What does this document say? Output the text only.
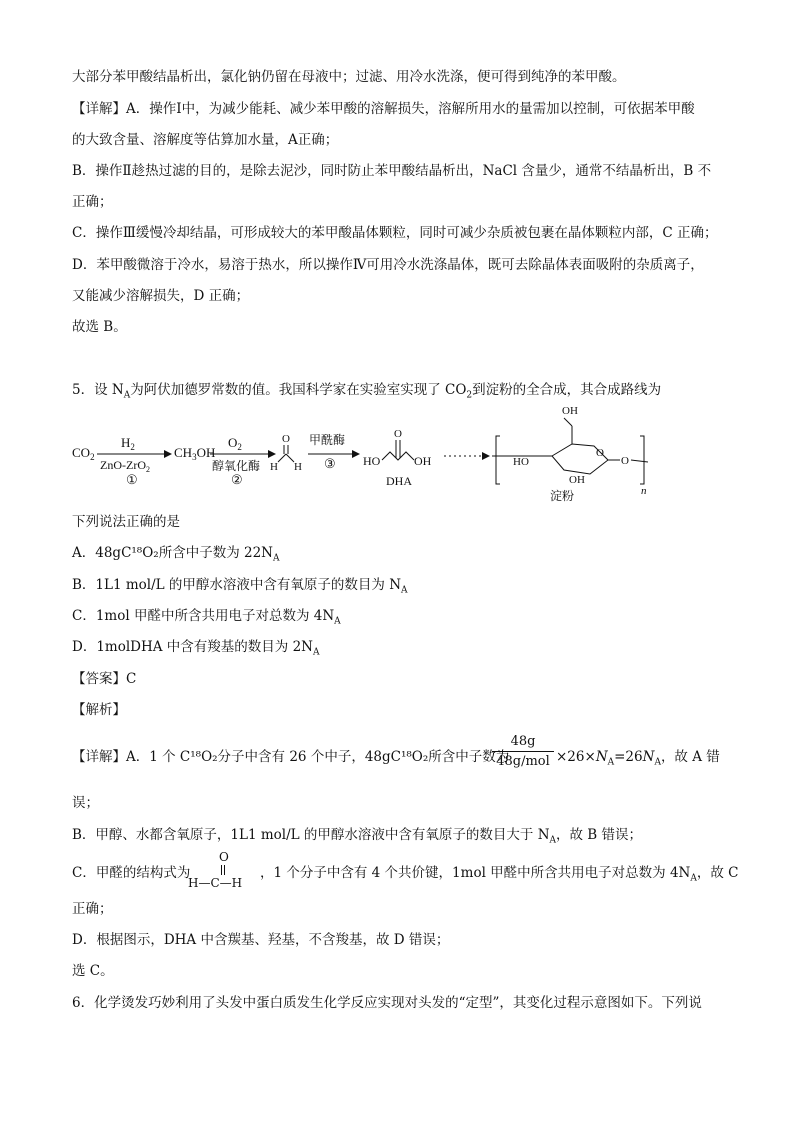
大部分苯甲酸结晶析出，氯化钠仍留在母液中；过滤、用冷水洗涤，便可得到纯净的苯甲酸。
【详解】A．操作Ⅰ中，为减少能耗、减少苯甲酸的溶解损失，溶解所用水的量需加以控制，可依据苯甲酸
的大致含量、溶解度等估算加水量，A正确；
B．操作Ⅱ趁热过滤的目的，是除去泥沙，同时防止苯甲酸结晶析出，NaCl 含量少，通常不结晶析出，B 不
正确；
C．操作Ⅲ缓慢冷却结晶，可形成较大的苯甲酸晶体颗粒，同时可减少杂质被包裹在晶体颗粒内部，C 正确；
D．苯甲酸微溶于冷水，易溶于热水，所以操作Ⅳ可用冷水洗涤晶体，既可去除晶体表面吸附的杂质离子，
又能减少溶解损失，D 正确；
故选 B。
5．设 $N_A$为阿伏加德罗常数的值。我国科学家在实验室实现了 $CO_2$到淀粉的全合成，其合成路线为
$CO_2$
$H_2$
ZnO-ZrO$_2$
①
$CH_3OH$
$O_2$
醇氧化酶
②
O
H H
甲酰酶
③ HO
O
OH
DHA
OH
HO
OH
O
O
n
淀粉
下列说法正确的是
A．48gC¹⁸O₂所含中子数为 $22N_A$
B．1L1 mol/L 的甲醇水溶液中含有氧原子的数目为 $N_A$
C．1mol 甲醛中所含共用电子对总数为 $4N_A$
D．1molDHA 中含有羧基的数目为 $2N_A$
【答案】C
【解析】
【详解】A．1 个 C¹⁸O₂分子中含有 26 个中子，48gC¹⁸O₂所含中子数为
48g
$48g/mol \times 26\times N_A=26N_A$，故 A 错
误；
B．甲醇、水都含氧原子，1L1 mol/L 的甲醇水溶液中含有氧原子的数目大于 $N_A$，故 B 错误；
C．甲醛的结构式为
O
H—C—H
，1 个分子中含有 4 个共价键，1mol 甲醛中所含共用电子对总数为 $4N_A$，故 C
正确；
D．根据图示，DHA 中含羰基、羟基，不含羧基，故 D 错误；
选 C。
6．化学烫发巧妙利用了头发中蛋白质发生化学反应实现对头发的“定型”，其变化过程示意图如下。下列说
